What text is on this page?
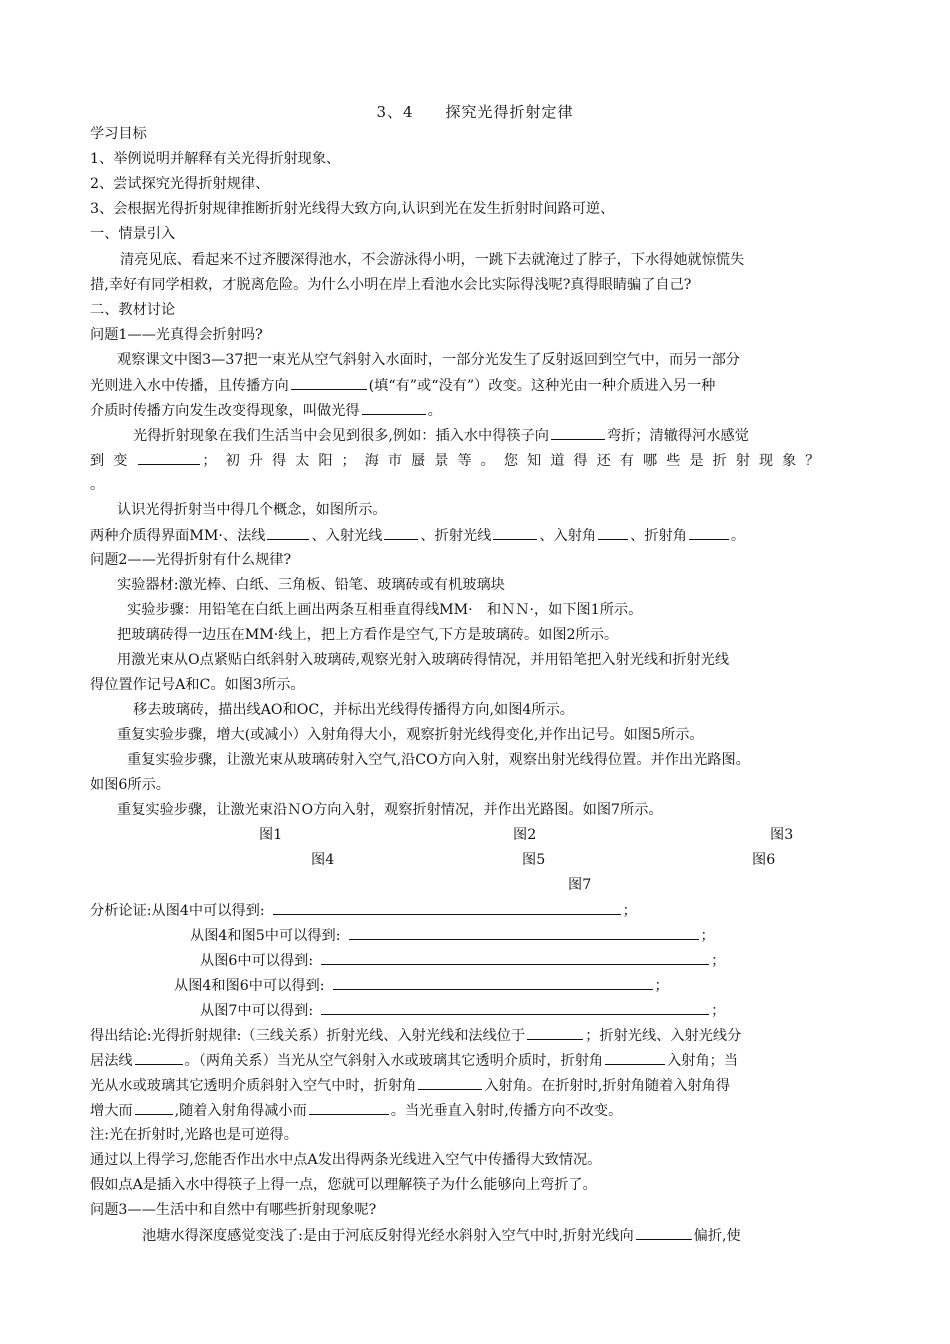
3、4　　探究光得折射定律
学习目标
1、举例说明并解释有关光得折射现象、
2、尝试探究光得折射规律、
3、会根据光得折射规律推断折射光线得大致方向,认识到光在发生折射时间路可逆、
一、情景引入
清亮见底、看起来不过齐腰深得池水，不会游泳得小明，一跳下去就淹过了脖子，下水得她就惊慌失
措,幸好有同学相救，才脱离危险。为什么小明在岸上看池水会比实际得浅呢?真得眼睛骗了自己?
二、教材讨论
问题1——光真得会折射吗?
观察课文中图3—37把一束光从空气斜射入水面时，一部分光发生了反射返回到空气中，而另一部分
光则进入水中传播，且传播方向	(填“有”或“没有”）改变。这种光由一种介质进入另一种
介质时传播方向发生改变得现象，叫做光得	。
光得折射现象在我们生活当中会见到很多,例如：插入水中得筷子向	弯折；清辙得河水感觉
到变	；初升得太阳；海市蜃景等。您知道得还有哪些是折射现象？
。
认识光得折射当中得几个概念，如图所示。
两种介质得界面MM·、法线	、入射光线	、折射光线	、入射角 、折射角	。
问题2——光得折射有什么规律?
实验器材:激光棒、白纸、三角板、铅笔、玻璃砖或有机玻璃块
实验步骤：用铅笔在白纸上画出两条互相垂直得线MM·　和ＮＮ·，如下图1所示。
把玻璃砖得一边压在MM·线上，把上方看作是空气,下方是玻璃砖。如图2所示。
用激光束从O点紧贴白纸斜射入玻璃砖,观察光射入玻璃砖得情况，并用铅笔把入射光线和折射光线
得位置作记号A和C。如图3所示。
移去玻璃砖，描出线AO和OC，并标出光线得传播得方向,如图4所示。
重复实验步骤，增大(或减小）入射角得大小，观察折射光线得变化,并作出记号。如图5所示。
重复实验步骤，让激光束从玻璃砖射入空气,沿CO方向入射，观察出射光线得位置。并作出光路图。
如图6所示。
重复实验步骤，让激光束沿ＮO方向入射，观察折射情况，并作出光路图。如图7所示。
图1	图2	图3
图4	图5	图6
图7
分析论证:从图4中可以得到:	；
从图4和图5中可以得到:	；
从图6中可以得到:	；
从图4和图6中可以得到:	；
从图7中可以得到:	；
得出结论:光得折射规律:（三线关系）折射光线、入射光线和法线位于	；折射光线、入射光线分
居法线	。（两角关系）当光从空气斜射入水或玻璃其它透明介质时，折射角	入射角；当
光从水或玻璃其它透明介质斜射入空气中时，折射角	入射角。在折射时,折射角随着入射角得
增大而	,随着入射角得减小而	。当光垂直入射时,传播方向不改变。
注:光在折射时,光路也是可逆得。
通过以上得学习,您能否作出水中点A发出得两条光线进入空气中传播得大致情况。
假如点A是插入水中得筷子上得一点，您就可以理解筷子为什么能够向上弯折了。
问题3——生活中和自然中有哪些折射现象呢?
池塘水得深度感觉变浅了:是由于河底反射得光经水斜射入空气中时,折射光线向	偏折,使
